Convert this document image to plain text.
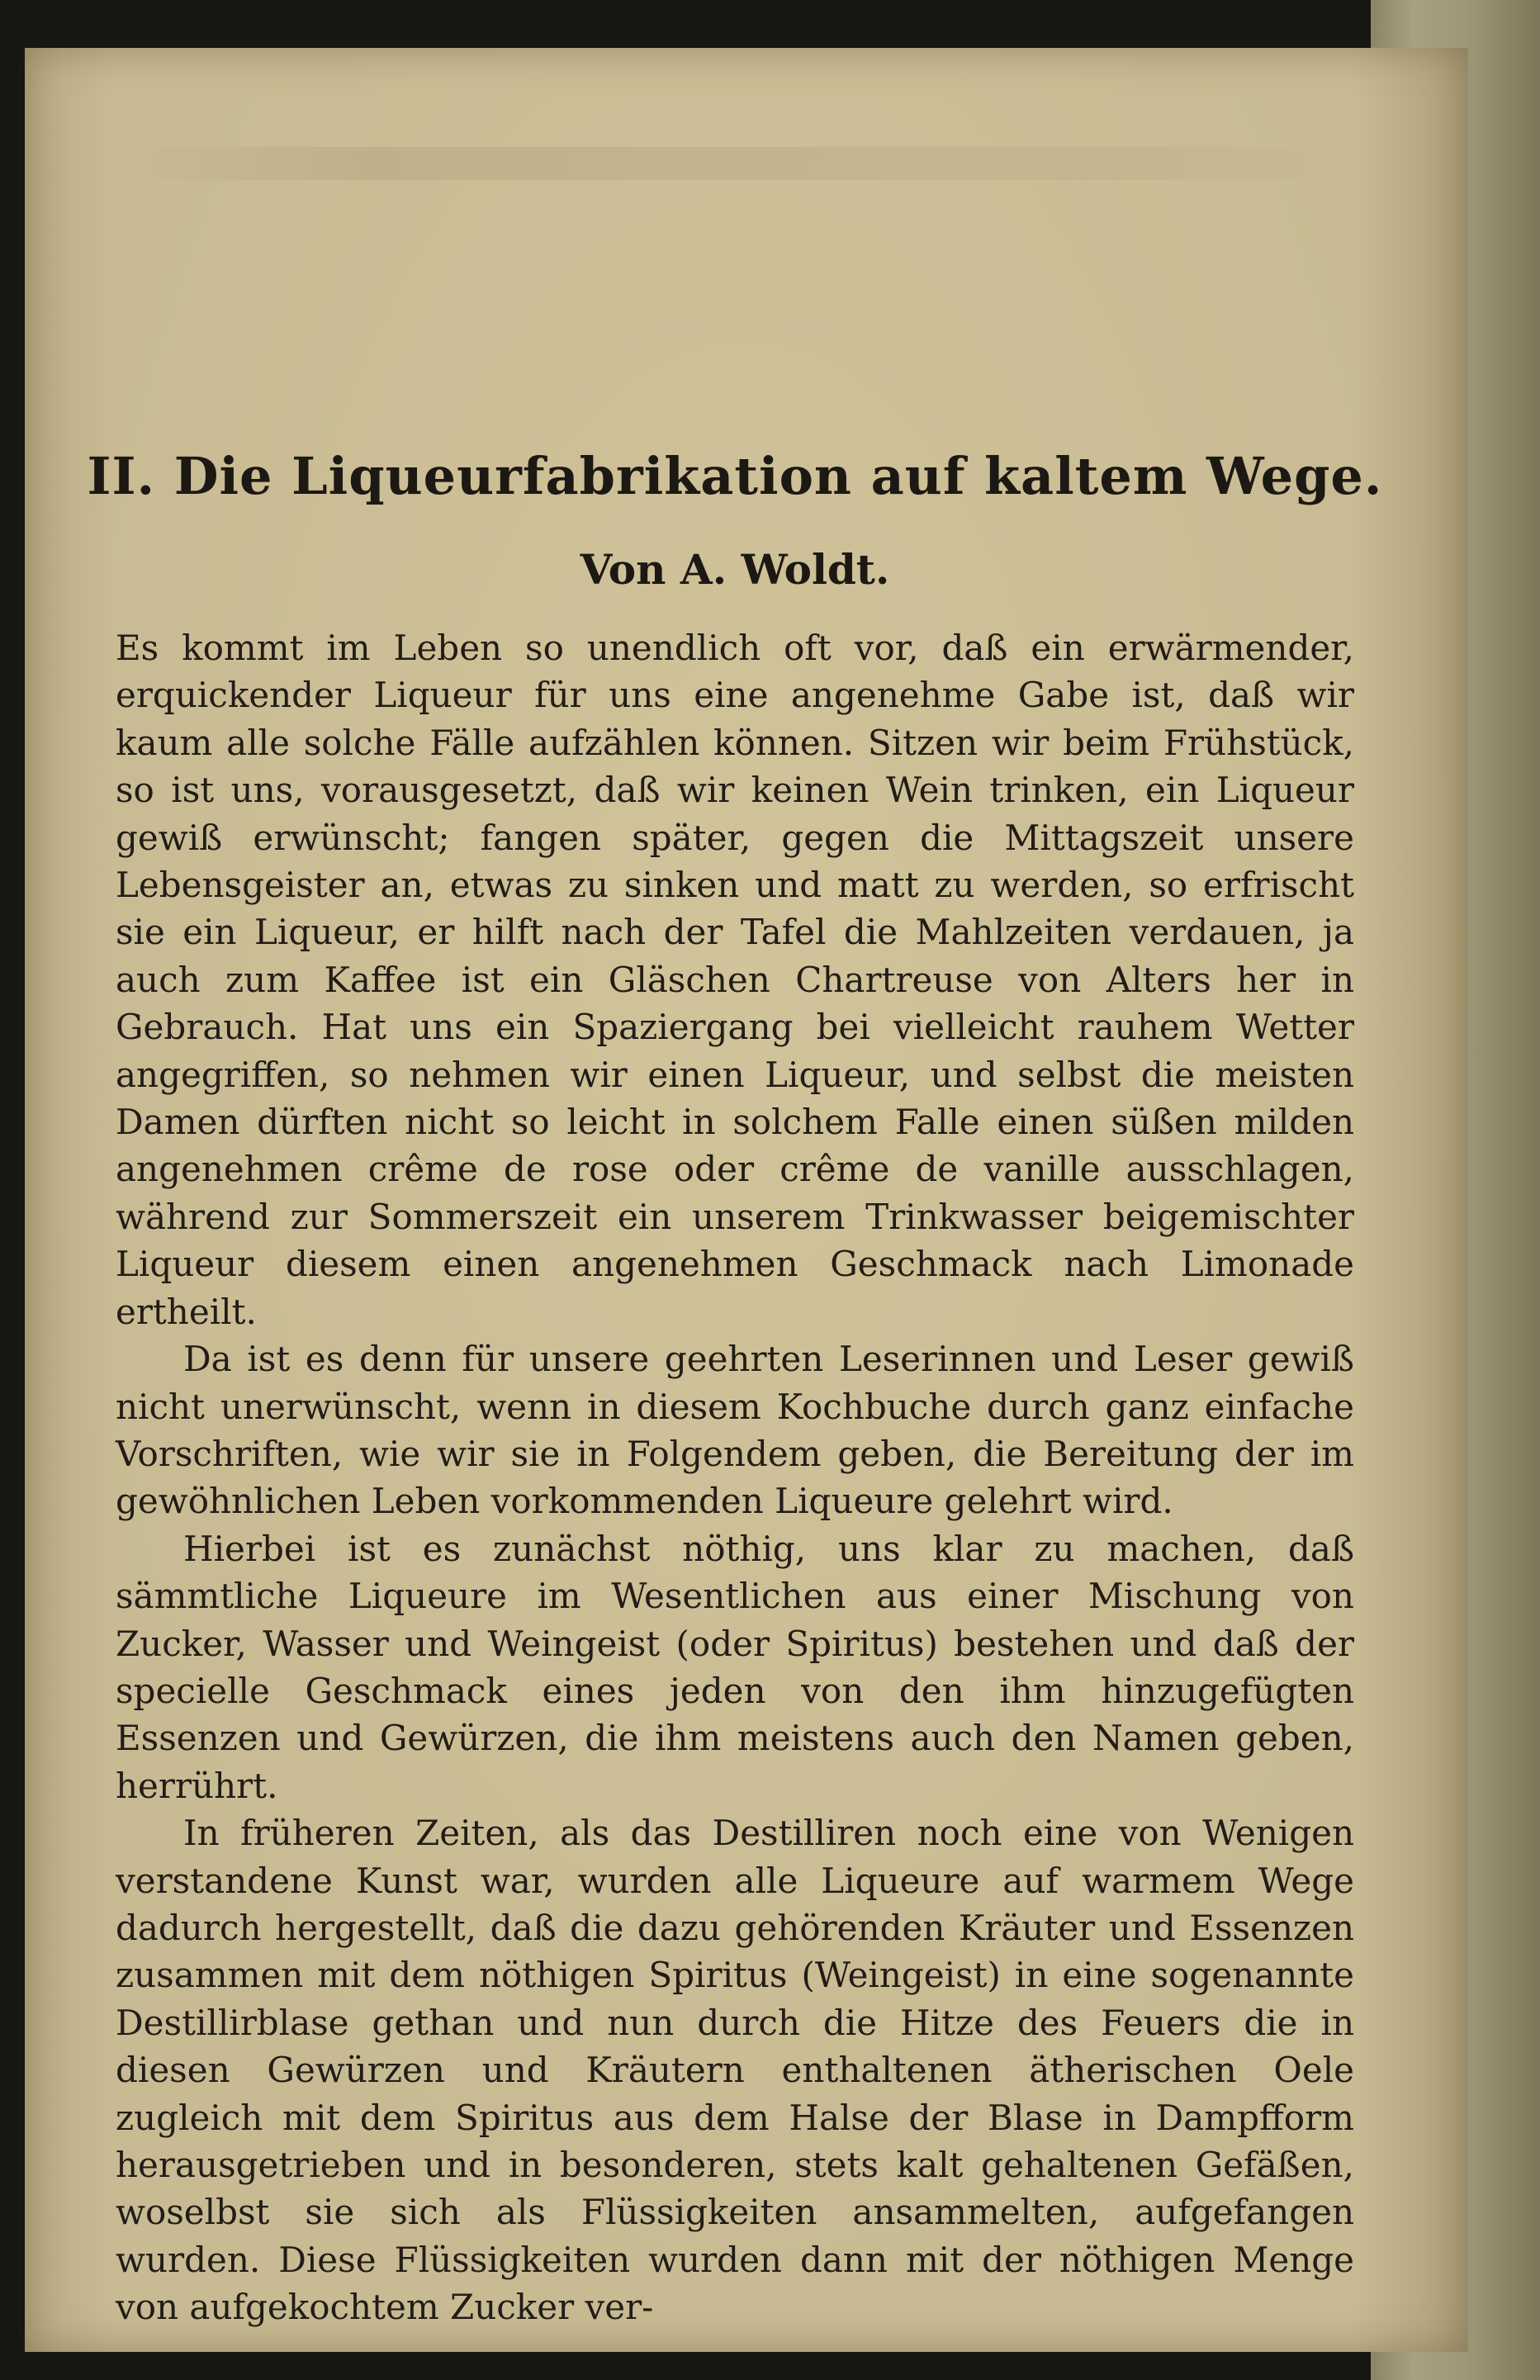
II. Die Liqueurfabrikation auf kaltem Wege.
Von A. Woldt.

Es kommt im Leben so unendlich oft vor, daß ein erwärmender, erquickender Liqueur für uns eine angenehme Gabe ist, daß wir kaum alle solche Fälle aufzählen können. Sitzen wir beim Frühstück, so ist uns, vorausgesetzt, daß wir keinen Wein trinken, ein Liqueur gewiß erwünscht; fangen später, gegen die Mittagszeit unsere Lebensgeister an, etwas zu sinken und matt zu werden, so erfrischt sie ein Liqueur, er hilft nach der Tafel die Mahlzeiten verdauen, ja auch zum Kaffee ist ein Gläschen Chartreuse von Alters her in Gebrauch. Hat uns ein Spaziergang bei vielleicht rauhem Wetter angegriffen, so nehmen wir einen Liqueur, und selbst die meisten Damen dürften nicht so leicht in solchem Falle einen süßen milden angenehmen crême de rose oder crême de vanille ausschlagen, während zur Sommerszeit ein unserem Trinkwasser beigemischter Liqueur diesem einen angenehmen Geschmack nach Limonade ertheilt.

Da ist es denn für unsere geehrten Leserinnen und Leser gewiß nicht unerwünscht, wenn in diesem Kochbuche durch ganz einfache Vorschriften, wie wir sie in Folgendem geben, die Bereitung der im gewöhnlichen Leben vorkommenden Liqueure gelehrt wird.

Hierbei ist es zunächst nöthig, uns klar zu machen, daß sämmtliche Liqueure im Wesentlichen aus einer Mischung von Zucker, Wasser und Weingeist (oder Spiritus) bestehen und daß der specielle Geschmack eines jeden von den ihm hinzugefügten Essenzen und Gewürzen, die ihm meistens auch den Namen geben, herrührt.

In früheren Zeiten, als das Destilliren noch eine von Wenigen verstandene Kunst war, wurden alle Liqueure auf warmem Wege dadurch hergestellt, daß die dazu gehörenden Kräuter und Essenzen zusammen mit dem nöthigen Spiritus (Weingeist) in eine sogenannte Destillirblase gethan und nun durch die Hitze des Feuers die in diesen Gewürzen und Kräutern enthaltenen ätherischen Oele zugleich mit dem Spiritus aus dem Halse der Blase in Dampfform herausgetrieben und in besonderen, stets kalt gehaltenen Gefäßen, woselbst sie sich als Flüssigkeiten ansammelten, aufgefangen wurden. Diese Flüssigkeiten wurden dann mit der nöthigen Menge von aufgekochtem Zucker ver-
